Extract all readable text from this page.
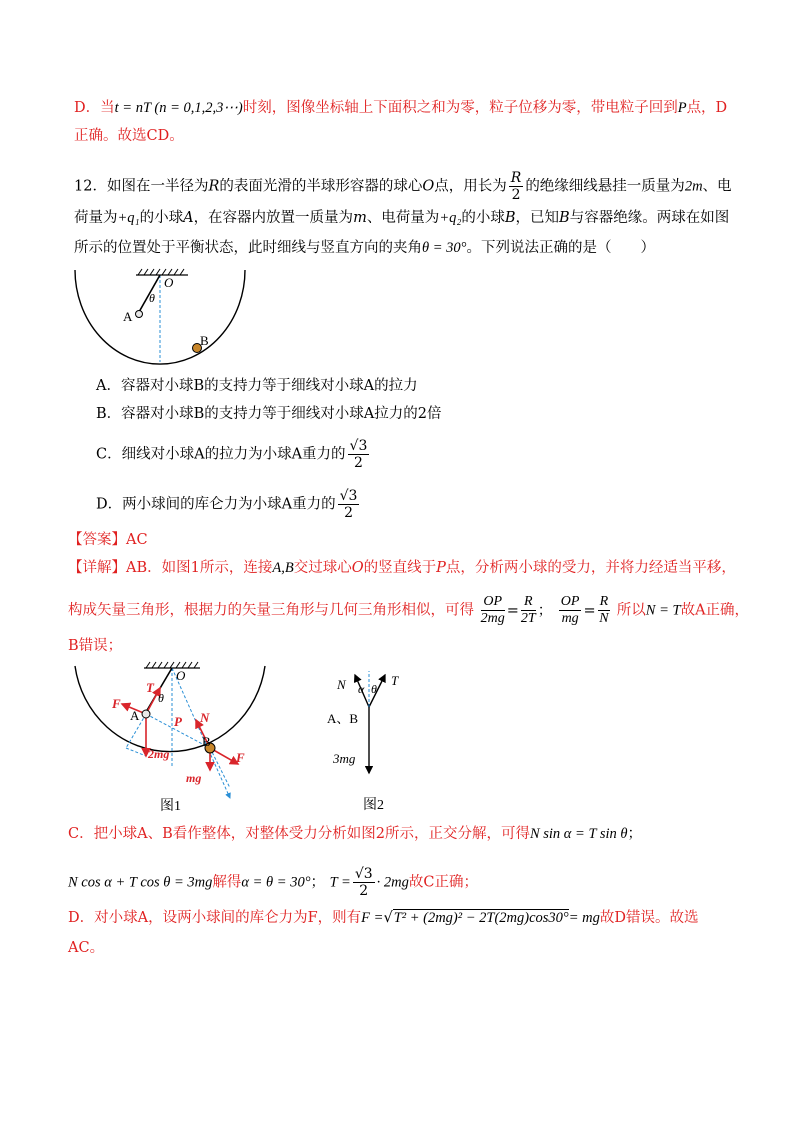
D．当t = nT (n = 0,1,2,3⋯)时刻，图像坐标轴上下面积之和为零，粒子位移为零，带电粒子回到P点，D
正确。故选CD。
12．如图在一半径为R的表面光滑的半球形容器的球心O点，用长为 $\frac{R}{2}$ 的绝缘细线悬挂一质量为2m、电
荷量为+q₁的小球A，在容器内放置一质量为m、电荷量为+q₂的小球B，已知B与容器绝缘。两球在如图
所示的位置处于平衡状态，此时细线与竖直方向的夹角θ = 30°。下列说法正确的是（　　）
O
θ
A
B
A．容器对小球B的支持力等于细线对小球A的拉力
B．容器对小球B的支持力等于细线对小球A拉力的2倍
C．细线对小球A的拉力为小球A重力的 $\frac{√3}{2}$
D．两小球间的库仑力为小球A重力的 $\frac{√3}{2}$
【答案】AC
【详解】AB．如图1所示，连接A,B交过球心O的竖直线于P点，分析两小球的受力，并将力经适当平移，
构成矢量三角形，根据力的矢量三角形与几何三角形相似，可得 $\frac{OP}{2mg} = \frac{R}{2T}$ ； $\frac{OP}{mg} = \frac{R}{N}$ 所以N = T故A正确，
B错误；
O
T
θ
F
A	P N
B
2mg
mg
F
图1
N α θ
T
A、B
3mg
图2
C．把小球A、B看作整体，对整体受力分析如图2所示，正交分解，可得N sin α = T sin θ；
N cos α + T cos θ = 3mg解得α = θ = 30°； $T = \frac{√3}{2} \cdot 2mg$故C正确；
D．对小球A，设两小球间的库仑力为F，则有F =√T² + (2mg)² − 2T(2mg)cos30°= mg故D错误。故选
AC。
